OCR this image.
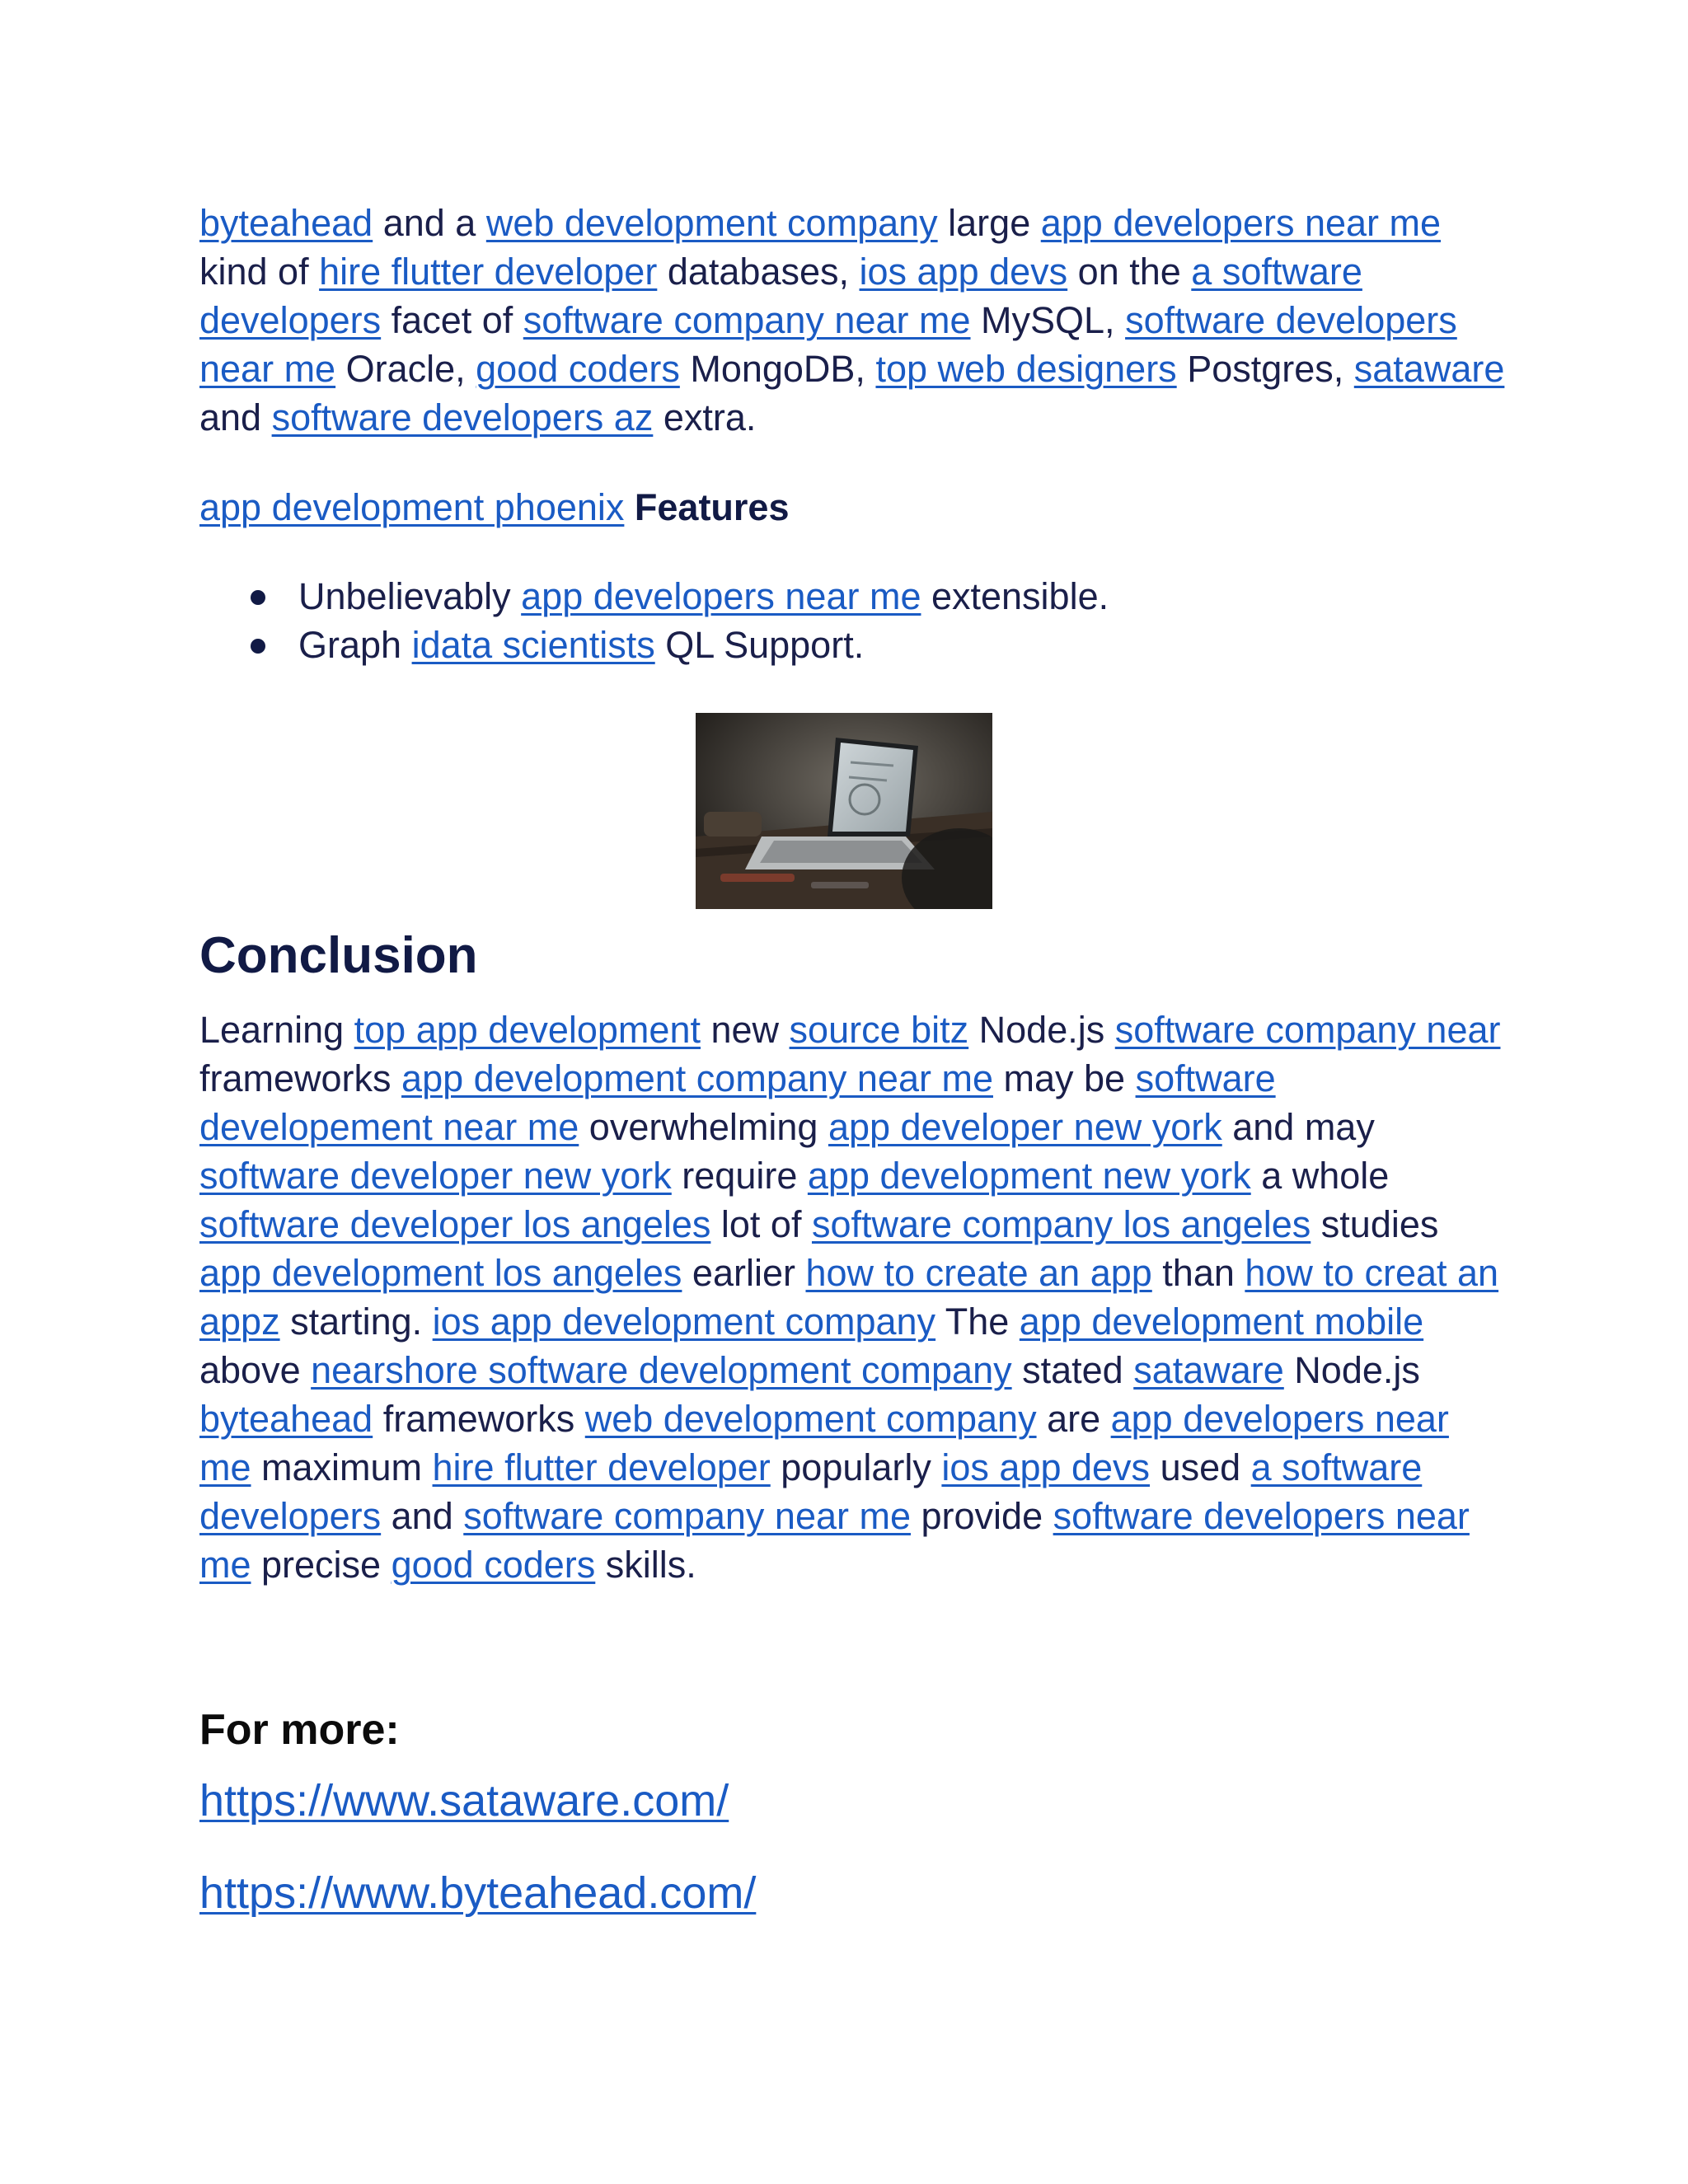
byteahead and a web development company large app developers near me kind of hire flutter developer databases, ios app devs on the a software developers facet of software company near me MySQL, software developers near me Oracle, good coders MongoDB, top web designers Postgres, sataware and software developers az extra.

app development phoenix Features

Unbelievably app developers near me extensible.
Graph idata scientists QL Support.
Conclusion

Learning top app development new source bitz Node.js software company near frameworks app development company near me may be software developement near me overwhelming app developer new york and may software developer new york require app development new york a whole software developer los angeles lot of software company los angeles studies app development los angeles earlier how to create an app than how to creat an appz starting. ios app development company The app development mobile above nearshore software development company stated sataware Node.js byteahead frameworks web development company are app developers near me maximum hire flutter developer popularly ios app devs used a software developers and software company near me provide software developers near me precise good coders skills.

For more:

https://www.sataware.com/
https://www.byteahead.com/
